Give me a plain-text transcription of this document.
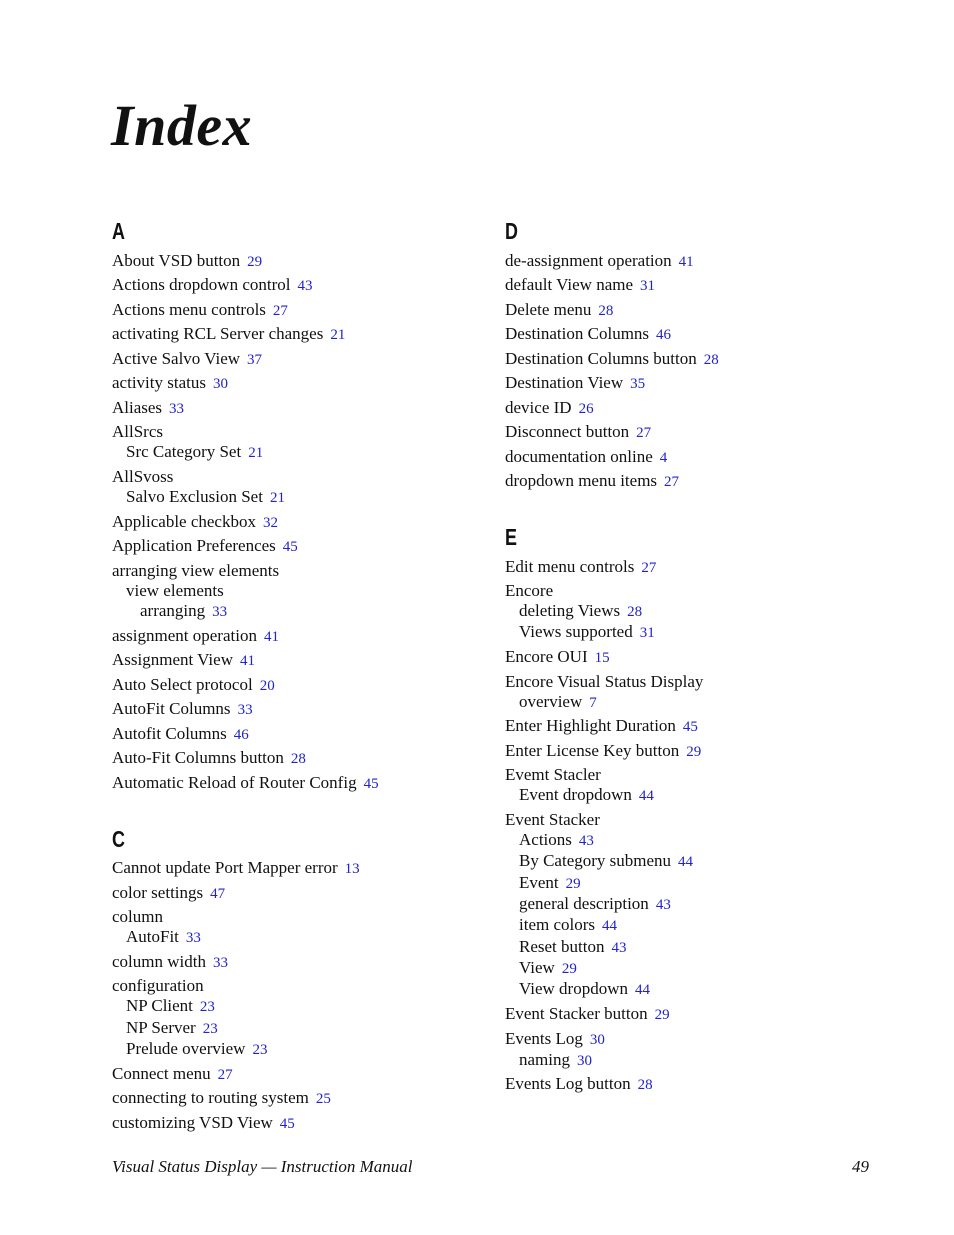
Index
A
About VSD button 29
Actions dropdown control 43
Actions menu controls 27
activating RCL Server changes 21
Active Salvo View 37
activity status 30
Aliases 33
AllSrcs
Src Category Set 21
AllSvoss
Salvo Exclusion Set 21
Applicable checkbox 32
Application Preferences 45
arranging view elements
view elements
arranging 33
assignment operation 41
Assignment View 41
Auto Select protocol 20
AutoFit Columns 33
Autofit Columns 46
Auto-Fit Columns button 28
Automatic Reload of Router Config 45
C
Cannot update Port Mapper error 13
color settings 47
column
AutoFit 33
column width 33
configuration
NP Client 23
NP Server 23
Prelude overview 23
Connect menu 27
connecting to routing system 25
customizing VSD View 45
D
de-assignment operation 41
default View name 31
Delete menu 28
Destination Columns 46
Destination Columns button 28
Destination View 35
device ID 26
Disconnect button 27
documentation online 4
dropdown menu items 27
E
Edit menu controls 27
Encore
deleting Views 28
Views supported 31
Encore OUI 15
Encore Visual Status Display
overview 7
Enter Highlight Duration 45
Enter License Key button 29
Evemt Stacler
Event dropdown 44
Event Stacker
Actions 43
By Category submenu 44
Event 29
general description 43
item colors 44
Reset button 43
View 29
View dropdown 44
Event Stacker button 29
Events Log 30
naming 30
Events Log button 28
Visual Status Display — Instruction Manual	49
